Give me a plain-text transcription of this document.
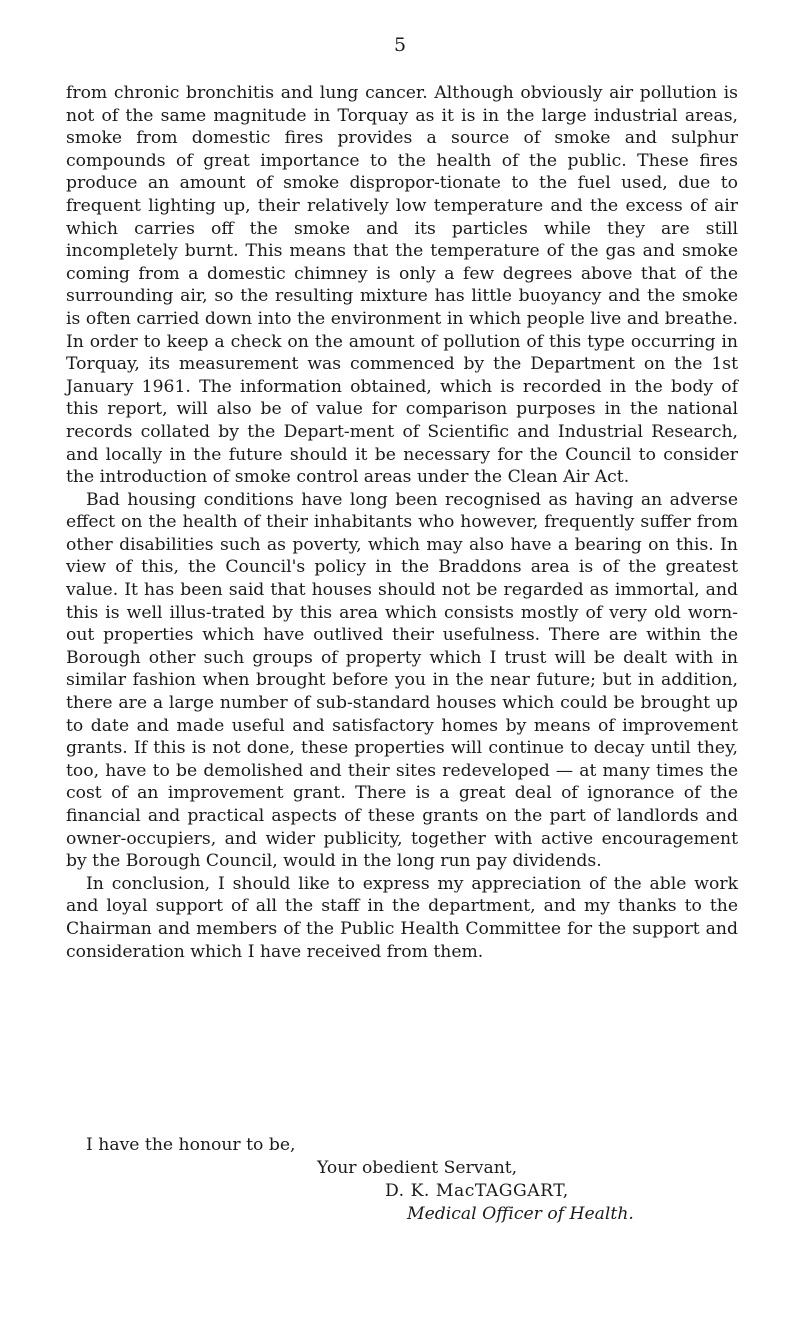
5

from chronic bronchitis and lung cancer. Although obviously air pollution is not of the same magnitude in Torquay as it is in the large industrial areas, smoke from domestic fires provides a source of smoke and sulphur compounds of great importance to the health of the public. These fires produce an amount of smoke dispropor-tionate to the fuel used, due to frequent lighting up, their relatively low temperature and the excess of air which carries off the smoke and its particles while they are still incompletely burnt. This means that the temperature of the gas and smoke coming from a domestic chimney is only a few degrees above that of the surrounding air, so the resulting mixture has little buoyancy and the smoke is often carried down into the environment in which people live and breathe. In order to keep a check on the amount of pollution of this type occurring in Torquay, its measurement was commenced by the Department on the 1st January 1961. The information obtained, which is recorded in the body of this report, will also be of value for comparison purposes in the national records collated by the Depart-ment of Scientific and Industrial Research, and locally in the future should it be necessary for the Council to consider the introduction of smoke control areas under the Clean Air Act.

Bad housing conditions have long been recognised as having an adverse effect on the health of their inhabitants who however, frequently suffer from other disabilities such as poverty, which may also have a bearing on this. In view of this, the Council's policy in the Braddons area is of the greatest value. It has been said that houses should not be regarded as immortal, and this is well illus-trated by this area which consists mostly of very old worn-out properties which have outlived their usefulness. There are within the Borough other such groups of property which I trust will be dealt with in similar fashion when brought before you in the near future; but in addition, there are a large number of sub-standard houses which could be brought up to date and made useful and satisfactory homes by means of improvement grants. If this is not done, these properties will continue to decay until they, too, have to be demolished and their sites redeveloped — at many times the cost of an improvement grant. There is a great deal of ignorance of the financial and practical aspects of these grants on the part of landlords and owner-occupiers, and wider publicity, together with active encouragement by the Borough Council, would in the long run pay dividends.

In conclusion, I should like to express my appreciation of the able work and loyal support of all the staff in the department, and my thanks to the Chairman and members of the Public Health Committee for the support and consideration which I have received from them.

I have the honour to be,
Your obedient Servant,
D. K. MacTAGGART,
Medical Officer of Health.
